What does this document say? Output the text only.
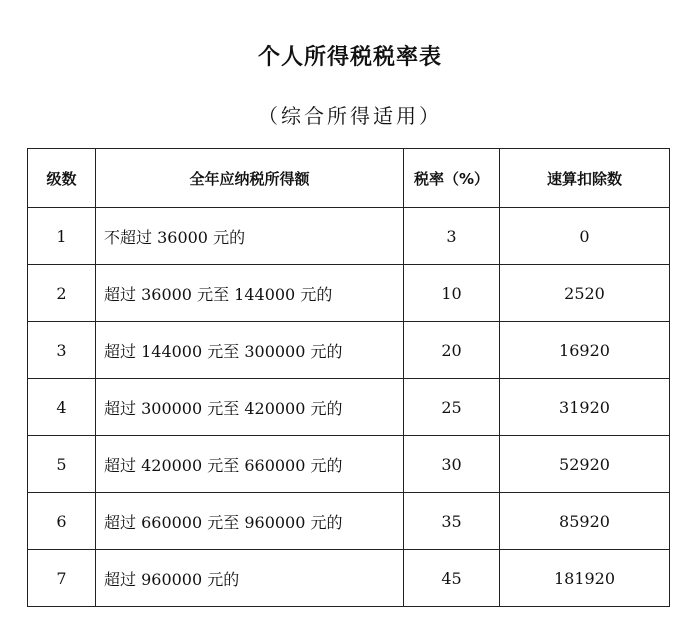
个人所得税税率表
（综合所得适用）
级数	全年应纳税所得额	税率（%）	速算扣除数
1	不超过 36000 元的	3	0
2	超过 36000 元至 144000 元的	10	2520
3	超过 144000 元至 300000 元的	20	16920
4	超过 300000 元至 420000 元的	25	31920
5	超过 420000 元至 660000 元的	30	52920
6	超过 660000 元至 960000 元的	35	85920
7	超过 960000 元的	45	181920
